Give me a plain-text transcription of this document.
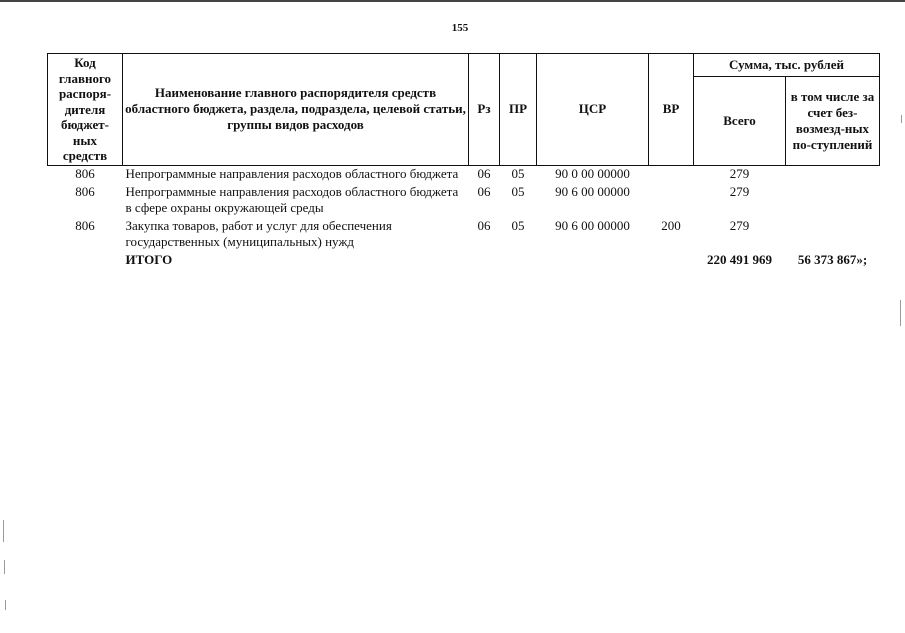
155
Код главного распоря-дителя бюджет-ных средств	Наименование главного распорядителя средств областного бюджета, раздела, подраздела, целевой статьи, группы видов расходов	Рз	ПР	ЦСР	ВР	Сумма, тыс. рублей	
						Всего	в том числе за счет без-возмезд-ных по-ступлений
806	Непрограммные направления расходов областного бюджета	06	05	90 0 00 00000		279	
806	Непрограммные направления расходов областного бюджета в сфере охраны окружающей среды	06	05	90 6 00 00000		279	
806	Закупка товаров, работ и услуг для обеспечения государственных (муниципальных) нужд	06	05	90 6 00 00000	200	279	
	ИТОГО					220 491 969	56 373 867»;
